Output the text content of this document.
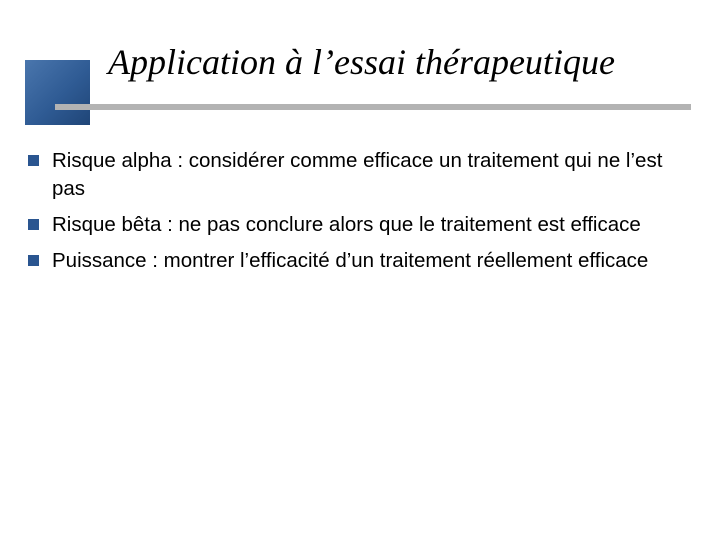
Application à l’essai thérapeutique
Risque alpha : considérer comme efficace un traitement qui ne l’est pas
Risque bêta : ne pas conclure alors que le traitement est efficace
Puissance : montrer l’efficacité d’un traitement réellement efficace
